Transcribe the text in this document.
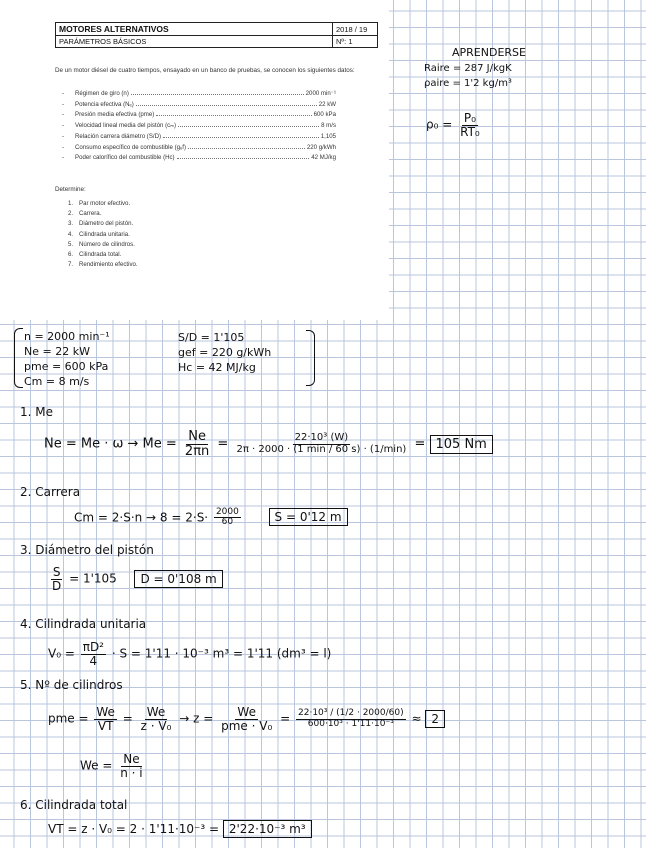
MOTORES ALTERNATIVOS	2018 / 19
PARÁMETROS BÁSICOS	Nº: 1
De un motor diésel de cuatro tiempos, ensayado en un banco de pruebas, se conocen los siguientes datos:
-	Régimen de giro (n)	2000 min⁻¹
-	Potencia efectiva (Nₑ)	22 kW
-	Presión media efectiva (pme)	600 kPa
-	Velocidad lineal media del pistón (cₘ)	8 m/s
-	Relación carrera diámetro (S/D)	1,105
-	Consumo específico de combustible (gₑf)	220 g/kWh
-	Poder calorífico del combustible (Hc)	42 MJ/kg
Determine:
1. Par motor efectivo.
2. Carrera.
3. Diámetro del pistón.
4. Cilindrada unitaria.
5. Número de cilindros.
6. Cilindrada total.
7. Rendimiento efectivo.
APRENDERSE
Raire = 287 J/kgK
ρaire = 1'2 kg/m³
$\rho_0 = \frac{\text{P₀}}{\text{RT₀}}$
n = 2000 min⁻¹
Ne = 22 kW
pme = 600 kPa
Cm = 8 m/s
S/D = 1'105
gef = 220 g/kWh
Hc = 42 MJ/kg
1. Me
$Ne = Me \cdot \omega \to Me = \frac{Ne}{2\pi n} = \frac{\text{22·10³ (W)}}{2\pi \cdot 2000 \cdot (1 \min / 60 s) \cdot (1/\min)} = 105$ Nm
2. Carrera
$Cm = 2\cdot S\cdot n \to 8 = 2\cdot S\cdot \frac{2000}{60}$	S = 0'12 m
3. Diámetro del pistón
$\frac{S}{D} = 1'105$ D = 0'108 m
4. Cilindrada unitaria
$V_0 = \frac{\text{πD²}}{4} \cdot S = 1'11 \cdot 10^{-3}$ m³ = 1'11 (dm³ = l)
5. Nº de cilindros
pme = $\frac{We}{VT} = \frac{We}{\text{z · V₀}} \to z = \frac{We}{\text{pme · V₀}} = \frac{\text{22·10³ / (1/2 · 2000/60)}}{\text{600·10³ · 1'11·10⁻³}} \approx 2$
$We = \frac{Ne}{n \cdot i}$
6. Cilindrada total
VT = z · V₀ = 2 · 1'11·10⁻³ = 2'22·10⁻³ m³
